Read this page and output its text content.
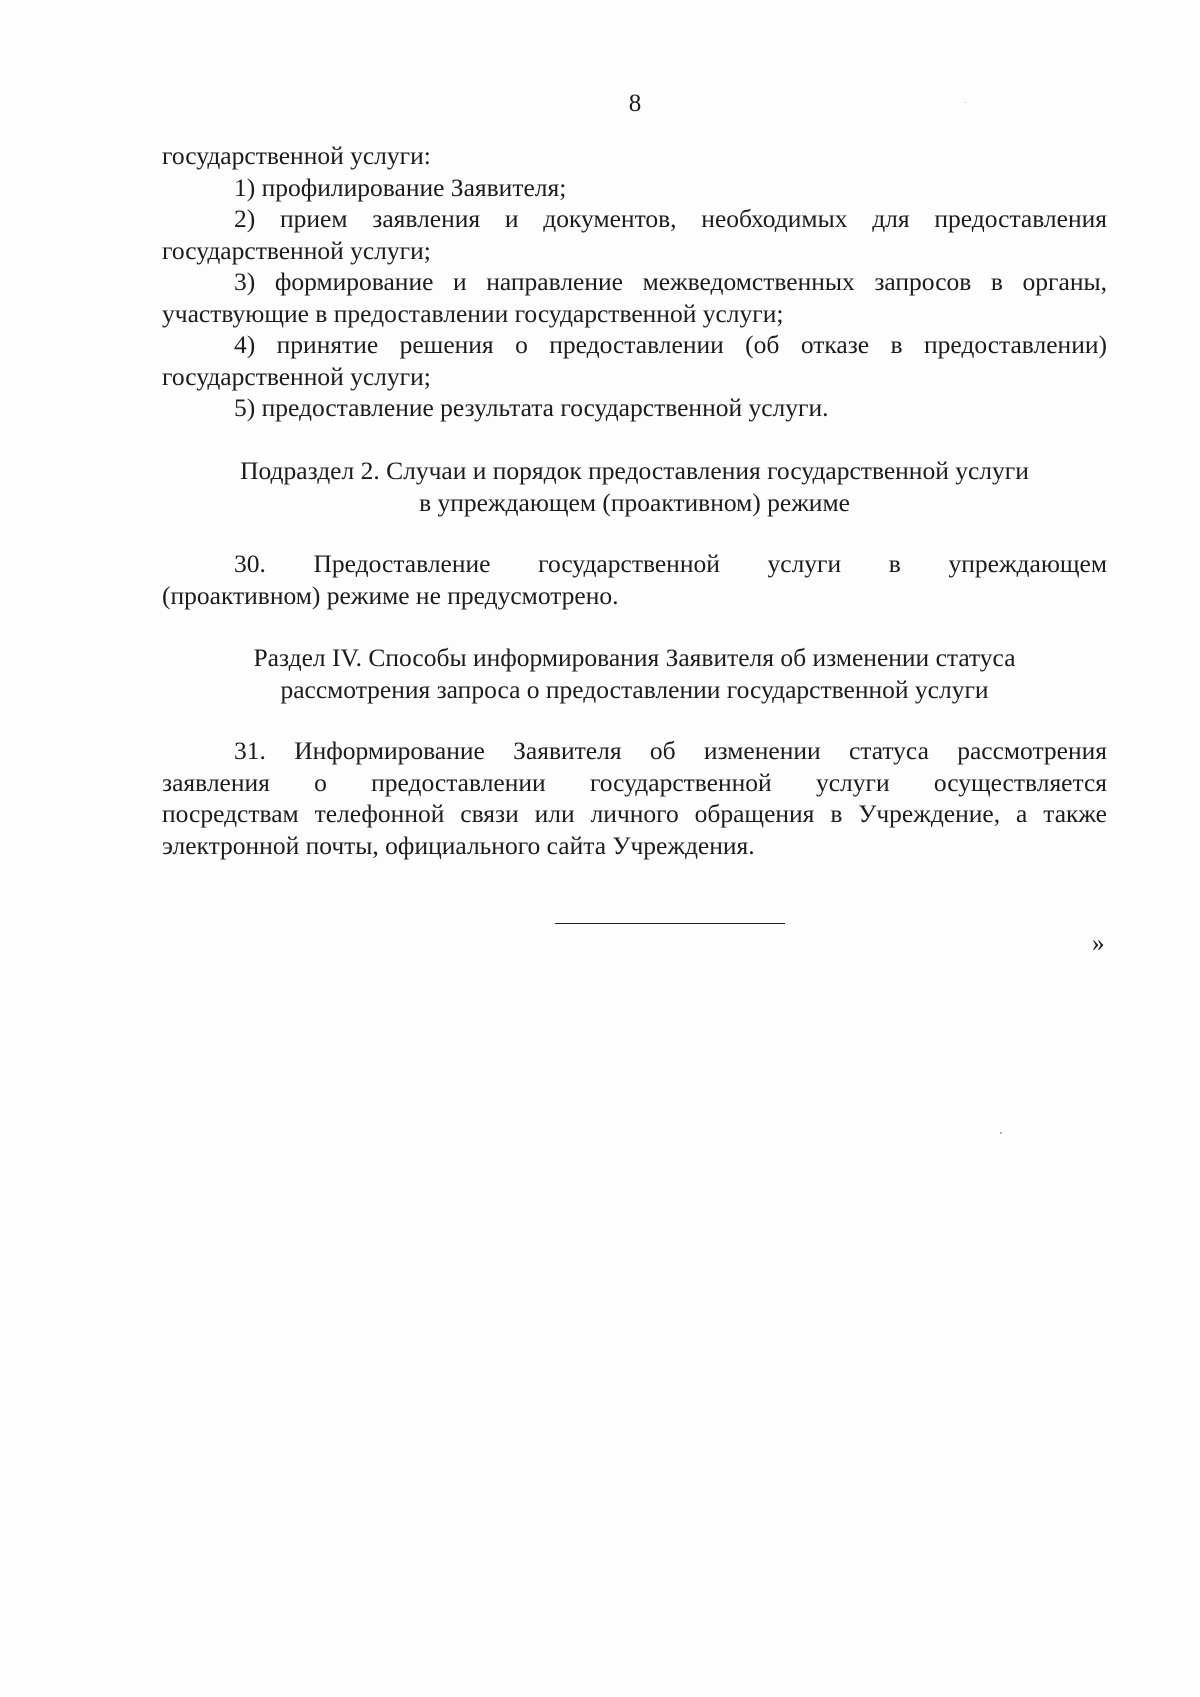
8
государственной услуги:
1) профилирование Заявителя;
2) прием заявления и документов, необходимых для предоставления
государственной услуги;
3) формирование и направление межведомственных запросов в органы,
участвующие в предоставлении государственной услуги;
4) принятие решения о предоставлении (об отказе в предоставлении)
государственной услуги;
5) предоставление результата государственной услуги.
Подраздел 2. Случаи и порядок предоставления государственной услуги
в упреждающем (проактивном) режиме
30. Предоставление государственной услуги в упреждающем
(проактивном) режиме не предусмотрено.
Раздел IV. Способы информирования Заявителя об изменении статуса
рассмотрения запроса о предоставлении государственной услуги
31. Информирование Заявителя об изменении статуса рассмотрения
заявления о предоставлении государственной услуги осуществляется
посредствам телефонной связи или личного обращения в Учреждение, а также
электронной почты, официального сайта Учреждения.
»
